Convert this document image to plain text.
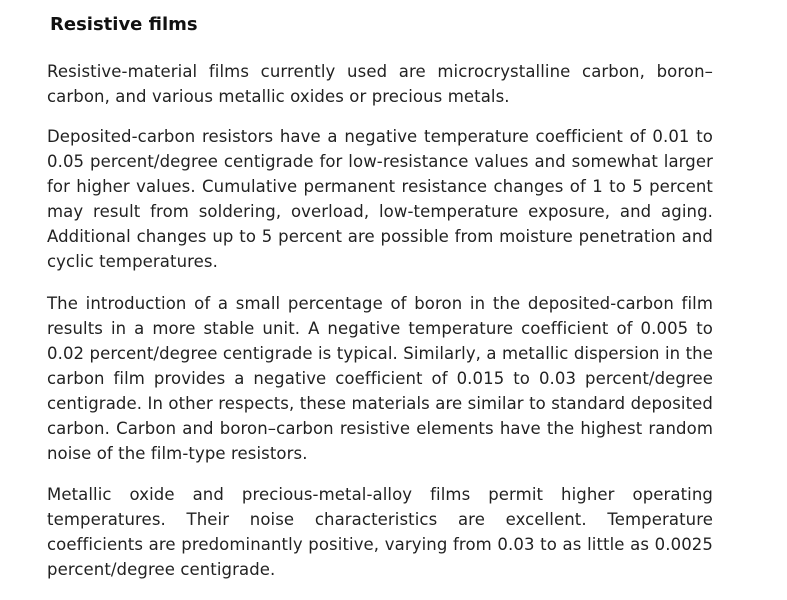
Resistive films

Resistive-material films currently used are microcrystalline carbon, boron–carbon, and various metallic oxides or precious metals.

Deposited-carbon resistors have a negative temperature coefficient of 0.01 to 0.05 percent/degree centigrade for low-resistance values and somewhat larger for higher values. Cumulative permanent resistance changes of 1 to 5 percent may result from soldering, overload, low-temperature exposure, and aging. Additional changes up to 5 percent are possible from moisture penetration and cyclic temperatures.

The introduction of a small percentage of boron in the deposited-carbon film results in a more stable unit. A negative temperature coefficient of 0.005 to 0.02 percent/degree centigrade is typical. Similarly, a metallic dispersion in the carbon film provides a negative coefficient of 0.015 to 0.03 percent/degree centigrade. In other respects, these materials are similar to standard deposited carbon. Carbon and boron–carbon resistive elements have the highest random noise of the film-type resistors.

Metallic oxide and precious-metal-alloy films permit higher operating temperatures. Their noise characteristics are excellent. Temperature coefficients are predominantly positive, varying from 0.03 to as little as 0.0025 percent/degree centigrade.
